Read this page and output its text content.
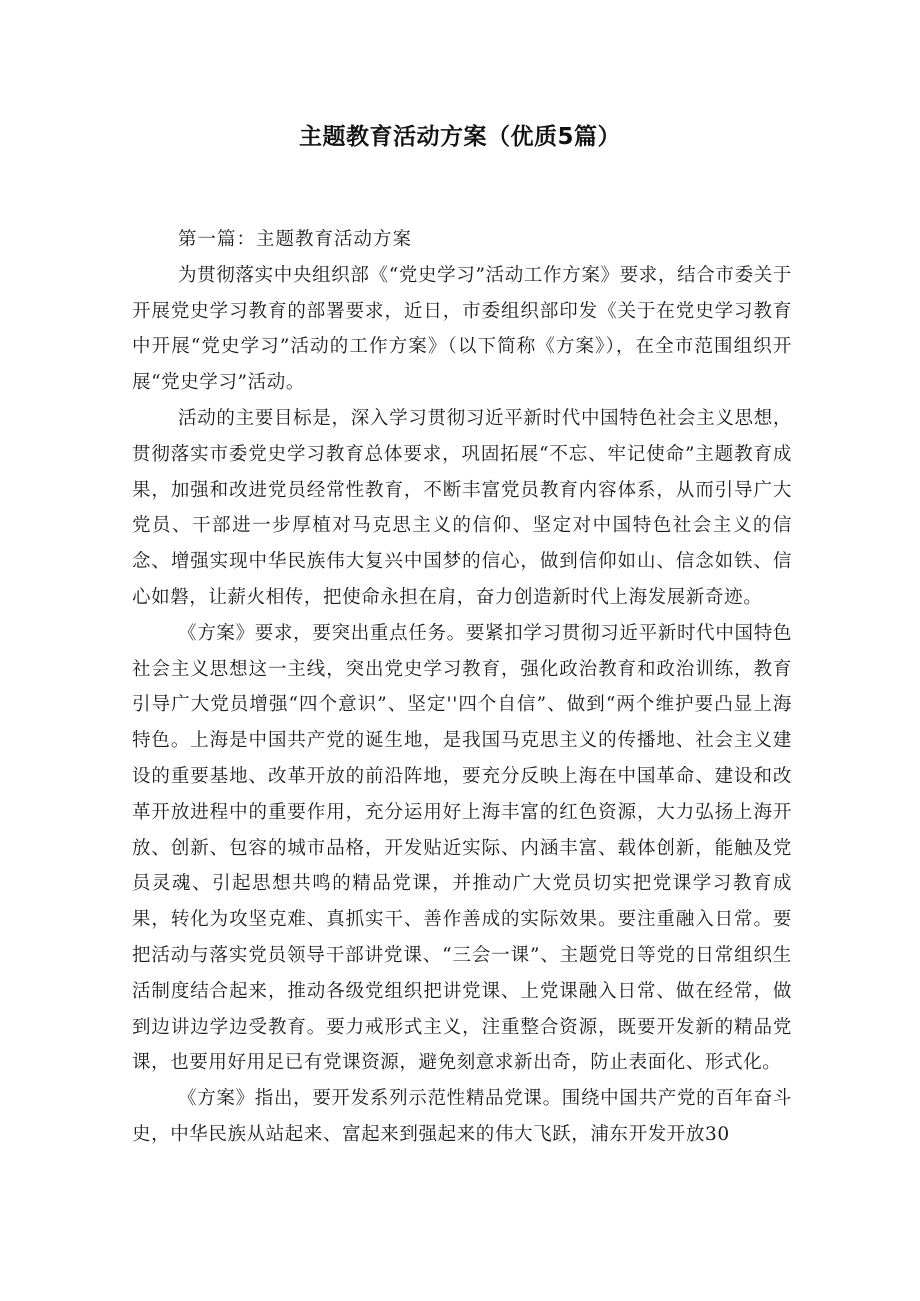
主题教育活动方案（优质5篇）

第一篇：主题教育活动方案

为贯彻落实中央组织部《“党史学习”活动工作方案》要求，结合市委关于开展党史学习教育的部署要求，近日，市委组织部印发《关于在党史学习教育中开展“党史学习”活动的工作方案》（以下简称《方案》），在全市范围组织开展“党史学习”活动。

活动的主要目标是，深入学习贯彻习近平新时代中国特色社会主义思想，贯彻落实市委党史学习教育总体要求，巩固拓展“不忘、牢记使命”主题教育成果，加强和改进党员经常性教育，不断丰富党员教育内容体系，从而引导广大党员、干部进一步厚植对马克思主义的信仰、坚定对中国特色社会主义的信念、增强实现中华民族伟大复兴中国梦的信心，做到信仰如山、信念如铁、信心如磐，让薪火相传，把使命永担在肩，奋力创造新时代上海发展新奇迹。

《方案》要求，要突出重点任务。要紧扣学习贯彻习近平新时代中国特色社会主义思想这一主线，突出党史学习教育，强化政治教育和政治训练，教育引导广大党员增强“四个意识”、坚定''四个自信”、做到“两个维护要凸显上海特色。上海是中国共产党的诞生地，是我国马克思主义的传播地、社会主义建设的重要基地、改革开放的前沿阵地，要充分反映上海在中国革命、建设和改革开放进程中的重要作用，充分运用好上海丰富的红色资源，大力弘扬上海开放、创新、包容的城市品格，开发贴近实际、内涵丰富、载体创新，能触及党员灵魂、引起思想共鸣的精品党课，并推动广大党员切实把党课学习教育成果，转化为攻坚克难、真抓实干、善作善成的实际效果。要注重融入日常。要把活动与落实党员领导干部讲党课、“三会一课”、主题党日等党的日常组织生活制度结合起来，推动各级党组织把讲党课、上党课融入日常、做在经常，做到边讲边学边受教育。要力戒形式主义，注重整合资源，既要开发新的精品党课，也要用好用足已有党课资源，避免刻意求新出奇，防止表面化、形式化。

《方案》指出，要开发系列示范性精品党课。围绕中国共产党的百年奋斗史，中华民族从站起来、富起来到强起来的伟大飞跃，浦东开发开放30
